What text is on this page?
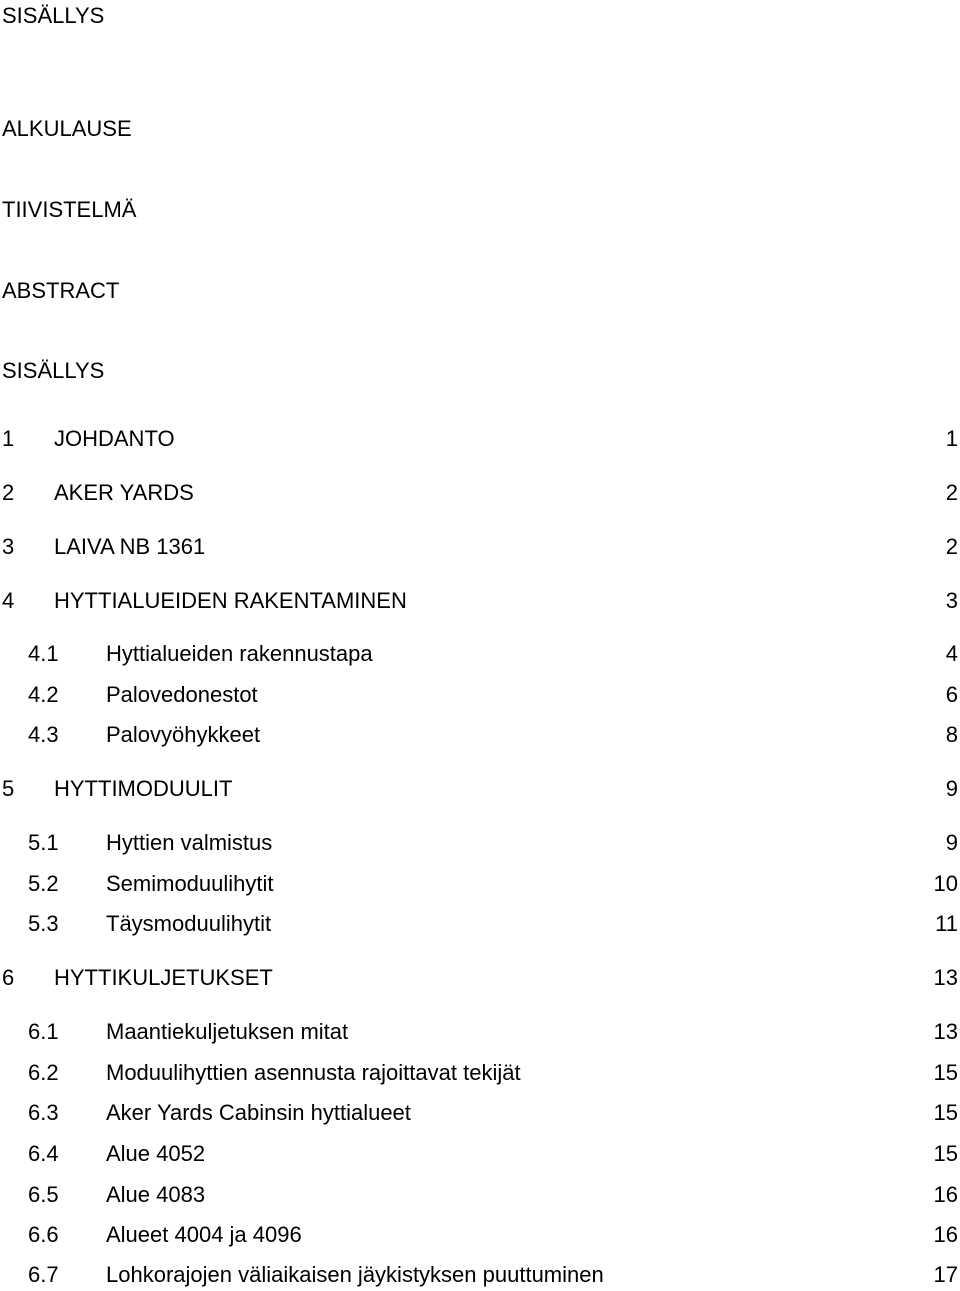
SISÄLLYS
ALKULAUSE
TIIVISTELMÄ
ABSTRACT
SISÄLLYS
1 JOHDANTO	1
2 AKER YARDS	2
3 LAIVA NB 1361	2
4 HYTTIALUEIDEN RAKENTAMINEN	3
4.1 Hyttialueiden rakennustapa	4
4.2 Palovedonestot	6
4.3 Palovyöhykkeet	8
5 HYTTIMODUULIT	9
5.1 Hyttien valmistus	9
5.2 Semimoduulihytit	10
5.3 Täysmoduulihytit	11
6 HYTTIKULJETUKSET	13
6.1 Maantiekuljetuksen mitat	13
6.2 Moduulihyttien asennusta rajoittavat tekijät	15
6.3 Aker Yards Cabinsin hyttialueet	15
6.4 Alue 4052	15
6.5 Alue 4083	16
6.6 Alueet 4004 ja 4096	16
6.7 Lohkorajojen väliaikaisen jäykistyksen puuttuminen	17
